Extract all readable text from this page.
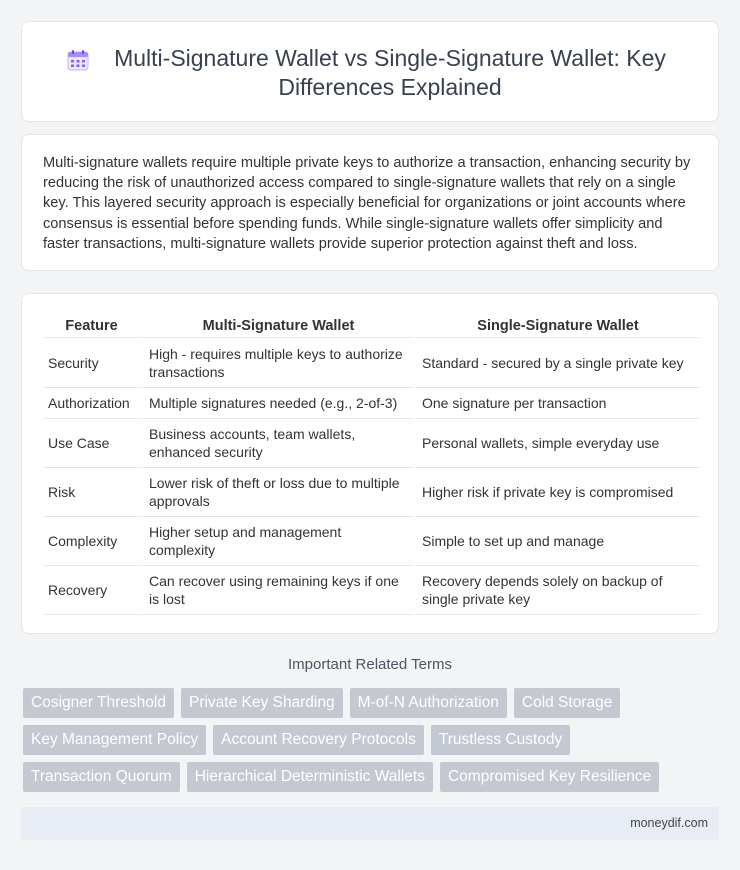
Multi-Signature Wallet vs Single-Signature Wallet: Key Differences Explained

Multi-signature wallets require multiple private keys to authorize a transaction, enhancing security by reducing the risk of unauthorized access compared to single-signature wallets that rely on a single key. This layered security approach is especially beneficial for organizations or joint accounts where consensus is essential before spending funds. While single-signature wallets offer simplicity and faster transactions, multi-signature wallets provide superior protection against theft and loss.

Feature	Multi-Signature Wallet	Single-Signature Wallet
Security	High - requires multiple keys to authorize transactions	Standard - secured by a single private key
Authorization	Multiple signatures needed (e.g., 2-of-3)	One signature per transaction
Use Case	Business accounts, team wallets, enhanced security	Personal wallets, simple everyday use
Risk	Lower risk of theft or loss due to multiple approvals	Higher risk if private key is compromised
Complexity	Higher setup and management complexity	Simple to set up and manage
Recovery	Can recover using remaining keys if one is lost	Recovery depends solely on backup of single private key
Important Related Terms
Cosigner Threshold	Private Key Sharding	M-of-N Authorization	Cold Storage
Key Management Policy	Account Recovery Protocols	Trustless Custody
Transaction Quorum	Hierarchical Deterministic Wallets	Compromised Key Resilience
moneydif.com
